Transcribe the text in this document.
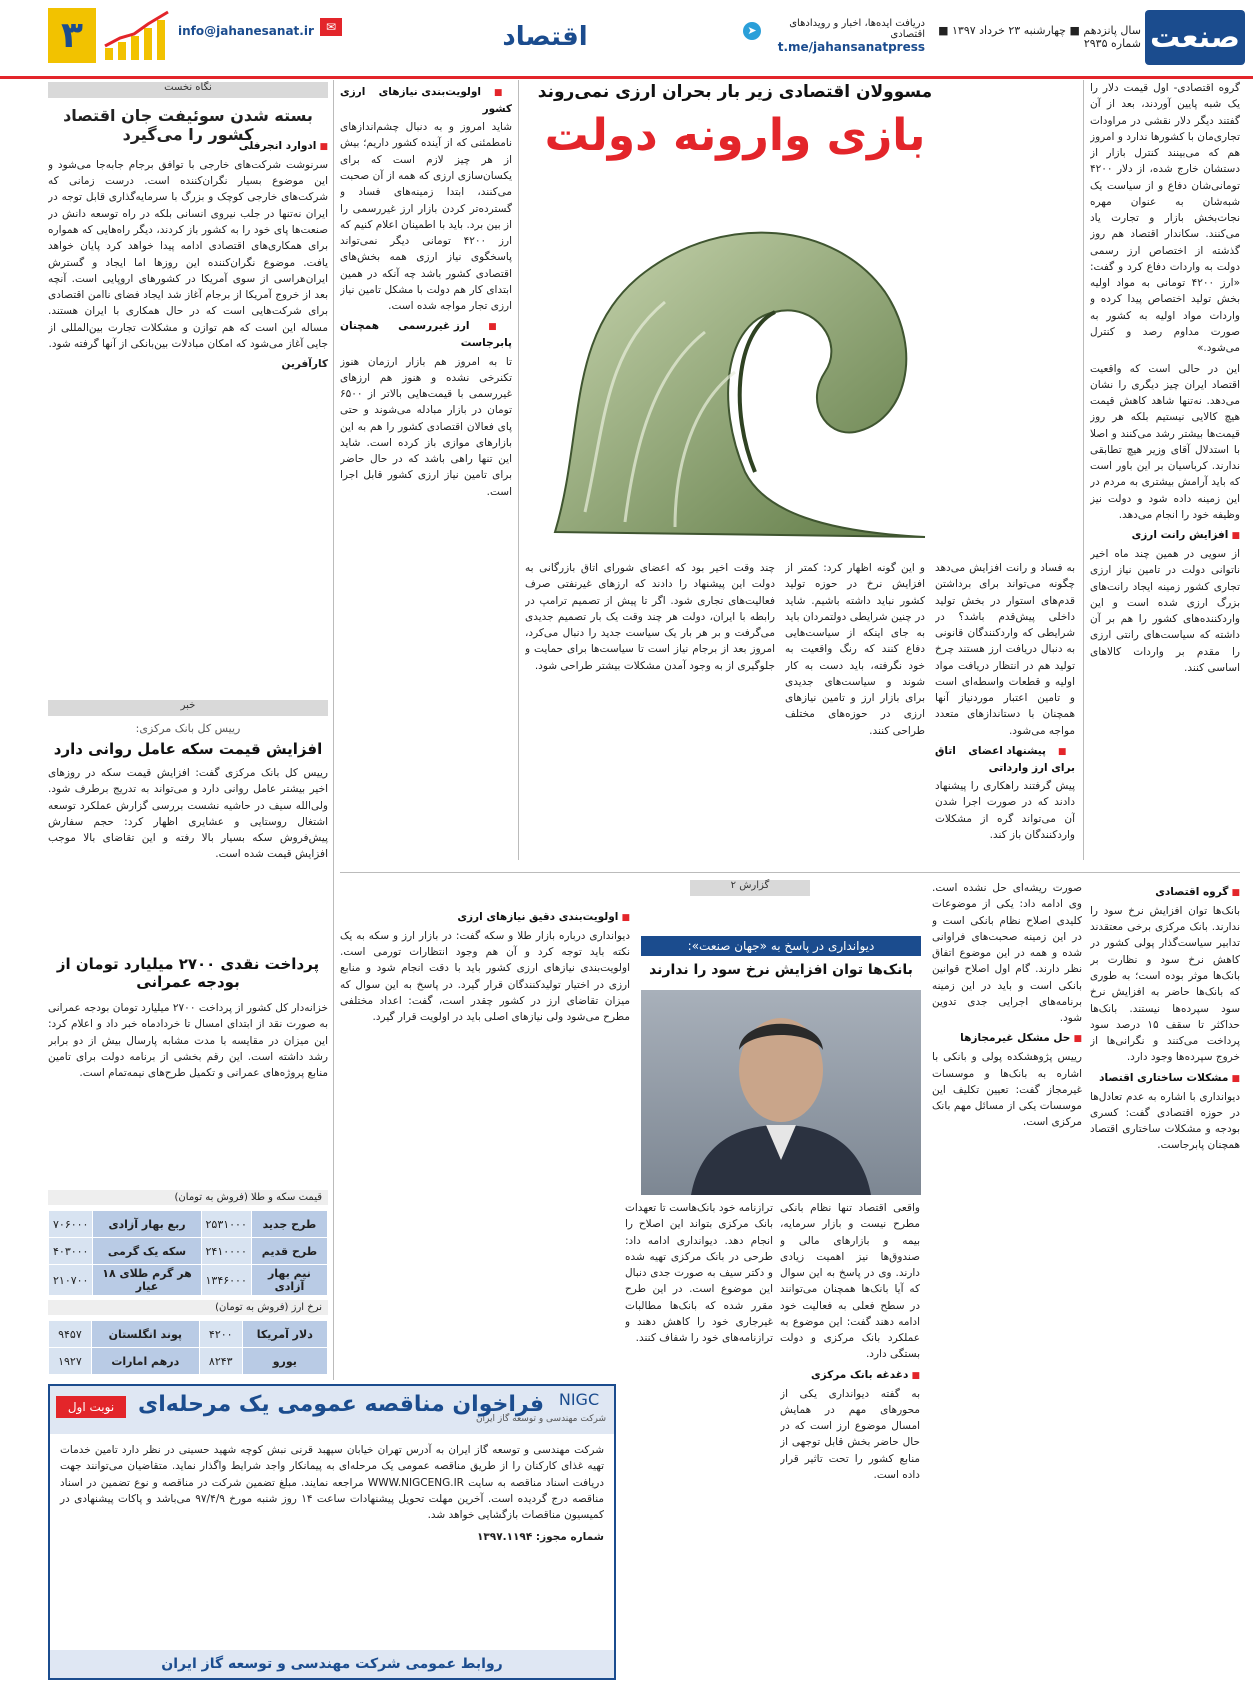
صنعت
سال پانزدهم ■ چهارشنبه ۲۳ خرداد ۱۳۹۷ ■ شماره ۲۹۳۵
دریافت ایده‌ها، اخبار و رویدادهای اقتصادی
t.me/jahansanatpress
➤
اقتصاد
✉
info@jahanesanat.ir
۳
مسوولان اقتصادی زیر بار بحران ارزی نمی‌روند
بازی وارونه دولت

گروه اقتصادی- اول قیمت دلار را یک شبه پایین آوردند، بعد از آن گفتند دیگر دلار نقشی در مراودات تجاری‌مان با کشورها ندارد و امروز هم که می‌بینند کنترل بازار از دستشان خارج شده، از دلار ۴۲۰۰ تومانی‌شان دفاع و از سیاست یک شبه‌شان به عنوان مهره نجات‌بخش بازار و تجارت یاد می‌کنند. سکاندار اقتصاد هم روز گذشته از اختصاص ارز رسمی دولت به واردات دفاع کرد و گفت: «ارز ۴۲۰۰ تومانی به مواد اولیه بخش تولید اختصاص پیدا کرده و واردات مواد اولیه به کشور به صورت مداوم رصد و کنترل می‌شود.»

این در حالی است که واقعیت اقتصاد ایران چیز دیگری را نشان می‌دهد. نه‌تنها شاهد کاهش قیمت هیچ کالایی نیستیم بلکه هر روز قیمت‌ها بیشتر رشد می‌کنند و اصلا با استدلال آقای وزیر هیچ تطابقی ندارند. کرباسیان بر این باور است که باید آرامش بیشتری به مردم در این زمینه داده شود و دولت نیز وظیفه خود را انجام می‌دهد.

■ افزایش رانت ارزی

از سویی در همین چند ماه اخیر ناتوانی دولت در تامین نیاز ارزی تجاری کشور زمینه ایجاد رانت‌های بزرگ ارزی شده است و این واردکننده‌های کشور را هم بر آن داشته که سیاست‌های رانتی ارزی را مقدم بر واردات کالاهای اساسی کنند.

به فساد و رانت افزایش می‌دهد چگونه می‌تواند برای برداشتن قدم‌های استوار در بخش تولید داخلی پیش‌قدم باشد؟ در شرایطی که واردکنندگان قانونی به دنبال دریافت ارز هستند چرخ تولید هم در انتظار دریافت مواد اولیه و قطعات واسطه‌ای است و تامین اعتبار موردنیاز آنها همچنان با دستاندازهای متعدد مواجه می‌شود.

■ پیشنهاد اعضای اتاق برای ارز وارداتی

پیش گرفتند راهکاری را پیشنهاد دادند که در صورت اجرا شدن آن می‌تواند گره از مشکلات واردکنندگان باز کند.

و این گونه اظهار کرد: کمتر از افزایش نرخ در حوزه تولید کشور نباید داشته باشیم. شاید در چنین شرایطی دولتمردان باید به جای اینکه از سیاست‌هایی دفاع کنند که رنگ واقعیت به خود نگرفته، باید دست به کار شوند و سیاست‌های جدیدی برای بازار ارز و تامین نیازهای ارزی در حوزه‌های مختلف طراحی کنند.

چند وقت اخیر بود که اعضای شورای اتاق بازرگانی به دولت این پیشنهاد را دادند که ارزهای غیرنفتی صرف فعالیت‌های تجاری شود. اگر تا پیش از تصمیم ترامپ در رابطه با ایران، دولت هر چند وقت یک بار تصمیم جدیدی می‌گرفت و بر هر بار یک سیاست جدید را دنبال می‌کرد، امروز بعد از برجام نیاز است تا سیاست‌ها برای حمایت و جلوگیری از به وجود آمدن مشکلات بیشتر طراحی شود.

■ اولویت‌بندی نیازهای ارزی کشور

شاید امروز و به دنبال چشم‌اندازهای نامطمئنی که از آینده کشور داریم؛ بیش از هر چیز لازم است که برای یکسان‌سازی ارزی که همه از آن صحبت می‌کنند، ابتدا زمینه‌های فساد و گسترده‌تر کردن بازار ارز غیررسمی را از بین برد. باید با اطمینان اعلام کنیم که ارز ۴۲۰۰ تومانی دیگر نمی‌تواند پاسخگوی نیاز ارزی همه بخش‌های اقتصادی کشور باشد چه آنکه در همین ابتدای کار هم دولت با مشکل تامین نیاز ارزی تجار مواجه شده است.

■ ارز غیررسمی همچنان پابرجاست

تا به امروز هم بازار ارزمان هنوز تکنرخی نشده و هنوز هم ارزهای غیررسمی با قیمت‌هایی بالاتر از ۶۵۰۰ تومان در بازار مبادله می‌شوند و حتی پای فعالان اقتصادی کشور را هم به این بازارهای موازی باز کرده است. شاید این تنها راهی باشد که در حال حاضر برای تامین نیاز ارزی کشور قابل اجرا است.

نگاه نخست
بسته شدن سوئیفت جان اقتصاد کشور را می‌گیرد
■ ادوارد انجرفلی

سرنوشت شرکت‌های خارجی با توافق برجام جابه‌جا می‌شود و این موضوع بسیار نگران‌کننده است. درست زمانی که شرکت‌های خارجی کوچک و بزرگ با سرمایه‌گذاری قابل توجه در ایران نه‌تنها در جلب نیروی انسانی بلکه در راه توسعه دانش در صنعت‌ها پای خود را به کشور باز کردند، دیگر راه‌هایی که همواره برای همکاری‌های اقتصادی ادامه پیدا خواهد کرد پایان خواهد یافت. موضوع نگران‌کننده این روزها اما ایجاد و گسترش ایران‌هراسی از سوی آمریکا در کشورهای اروپایی است. آنچه بعد از خروج آمریکا از برجام آغاز شد ایجاد فضای ناامن اقتصادی برای شرکت‌هایی است که در حال همکاری با ایران هستند. مساله این است که هم توازن و مشکلات تجارت بین‌المللی از جایی آغاز می‌شود که امکان مبادلات بین‌بانکی از آنها گرفته شود.

کارآفرین

خبر
رییس کل بانک مرکزی:
افزایش قیمت سکه عامل روانی دارد

رییس کل بانک مرکزی گفت: افزایش قیمت سکه در روزهای اخیر بیشتر عامل روانی دارد و می‌تواند به تدریج برطرف شود. ولی‌الله سیف در حاشیه نشست بررسی گزارش عملکرد توسعه اشتغال روستایی و عشایری اظهار کرد: حجم سفارش پیش‌فروش سکه بسیار بالا رفته و این تقاضای بالا موجب افزایش قیمت شده است.

پرداخت نقدی ۲۷۰۰ میلیارد تومان از بودجه عمرانی

خزانه‌دار کل کشور از پرداخت ۲۷۰۰ میلیارد تومان بودجه عمرانی به صورت نقد از ابتدای امسال تا خرداد‌ماه خبر داد و اعلام کرد: این میزان در مقایسه با مدت مشابه پارسال بیش از دو برابر رشد داشته است. این رقم بخشی از برنامه دولت برای تامین منابع پروژه‌های عمرانی و تکمیل طرح‌های نیمه‌تمام است.

قیمت سکه و طلا (فروش به تومان)
طرح جدید	۲۵۳۱۰۰۰	ربع بهار آزادی	۷۰۶۰۰۰
طرح قدیم	۲۴۱۰۰۰۰	سکه یک گرمی	۴۰۳۰۰۰
نیم بهار آزادی	۱۳۴۶۰۰۰	هر گرم طلای ۱۸ عیار	۲۱۰۷۰۰
نرخ ارز (فروش به تومان)
دلار آمریکا	۴۲۰۰	پوند انگلستان	۹۴۵۷
یورو	۸۲۴۳	درهم امارات	۱۹۲۷
گزارش ۲
دیوانداری در پاسخ به «جهان صنعت»:
بانک‌ها توان افزایش نرخ سود را ندارند
■ گروه اقتصادی

بانک‌ها توان افزایش نرخ سود را ندارند. بانک مرکزی برخی معتقدند تدابیر سیاست‌گذار پولی کشور در کاهش نرخ سود و نظارت بر بانک‌ها موثر بوده است؛ به طوری که بانک‌ها حاضر به افزایش نرخ سود سپرده‌ها نیستند. بانک‌ها حداکثر تا سقف ۱۵ درصد سود پرداخت می‌کنند و نگرانی‌ها از خروج سپرده‌ها وجود دارد.

■ مشکلات ساختاری اقتصاد

دیوانداری با اشاره به عدم تعادل‌ها در حوزه اقتصادی گفت: کسری بودجه و مشکلات ساختاری اقتصاد همچنان پابرجاست.

صورت ریشه‌ای حل نشده است. وی ادامه داد: یکی از موضوعات کلیدی اصلاح نظام بانکی است و در این زمینه صحبت‌های فراوانی شده و همه در این موضوع اتفاق نظر دارند. گام اول اصلاح قوانین بانکی است و باید در این زمینه برنامه‌های اجرایی جدی تدوین شود.

■ حل مشکل غیرمجازها

رییس پژوهشکده پولی و بانکی با اشاره به بانک‌ها و موسسات غیرمجاز گفت: تعیین تکلیف این موسسات یکی از مسائل مهم بانک مرکزی است.

واقعی اقتصاد تنها نظام بانکی مطرح نیست و بازار سرمایه، بیمه و بازارهای مالی و صندوق‌ها نیز اهمیت زیادی دارند. وی در پاسخ به این سوال که آیا بانک‌ها همچنان می‌توانند در سطح فعلی به فعالیت خود ادامه دهند گفت: این موضوع به عملکرد بانک مرکزی و دولت بستگی دارد.

■ دغدغه بانک مرکزی

به گفته دیوانداری یکی از محورهای مهم در همایش امسال موضوع ارز است که در حال حاضر بخش قابل توجهی از منابع کشور را تحت تاثیر قرار داده است.

ترازنامه خود بانک‌هاست تا تعهدات بانک مرکزی بتواند این اصلاح را انجام دهد. دیوانداری ادامه داد: طرحی در بانک مرکزی تهیه شده و دکتر سیف به صورت جدی دنبال این موضوع است. در این طرح مقرر شده که بانک‌ها مطالبات غیرجاری خود را کاهش دهند و ترازنامه‌های خود را شفاف کنند.

■ اولویت‌بندی دقیق نیازهای ارزی

دیوانداری درباره بازار طلا و سکه گفت: در بازار ارز و سکه به یک نکته باید توجه کرد و آن هم وجود انتظارات تورمی است. اولویت‌بندی نیازهای ارزی کشور باید با دقت انجام شود و منابع ارزی در اختیار تولیدکنندگان قرار گیرد. در پاسخ به این سوال که میزان تقاضای ارز در کشور چقدر است، گفت: اعداد مختلفی مطرح می‌شود ولی نیازهای اصلی باید در اولویت قرار گیرد.

NIGC
شرکت مهندسی و توسعه گاز ایران
فراخوان مناقصه عمومی یک مرحله‌ای
نوبت اول

شرکت مهندسی و توسعه گاز ایران به آدرس تهران خیابان سپهبد قرنی نبش کوچه شهید حسینی در نظر دارد تامین خدمات تهیه غذای کارکنان را از طریق مناقصه عمومی یک مرحله‌ای به پیمانکار واجد شرایط واگذار نماید. متقاضیان می‌توانند جهت دریافت اسناد مناقصه به سایت WWW.NIGCENG.IR مراجعه نمایند. مبلغ تضمین شرکت در مناقصه و نوع تضمین در اسناد مناقصه درج گردیده است. آخرین مهلت تحویل پیشنهادات ساعت ۱۴ روز شنبه مورخ ۹۷/۴/۹ می‌باشد و پاکات پیشنهادی در کمیسیون مناقصات بازگشایی خواهد شد.

شماره مجوز: ۱۳۹۷.۱۱۹۴

روابط عمومی شرکت مهندسی و توسعه گاز ایران
